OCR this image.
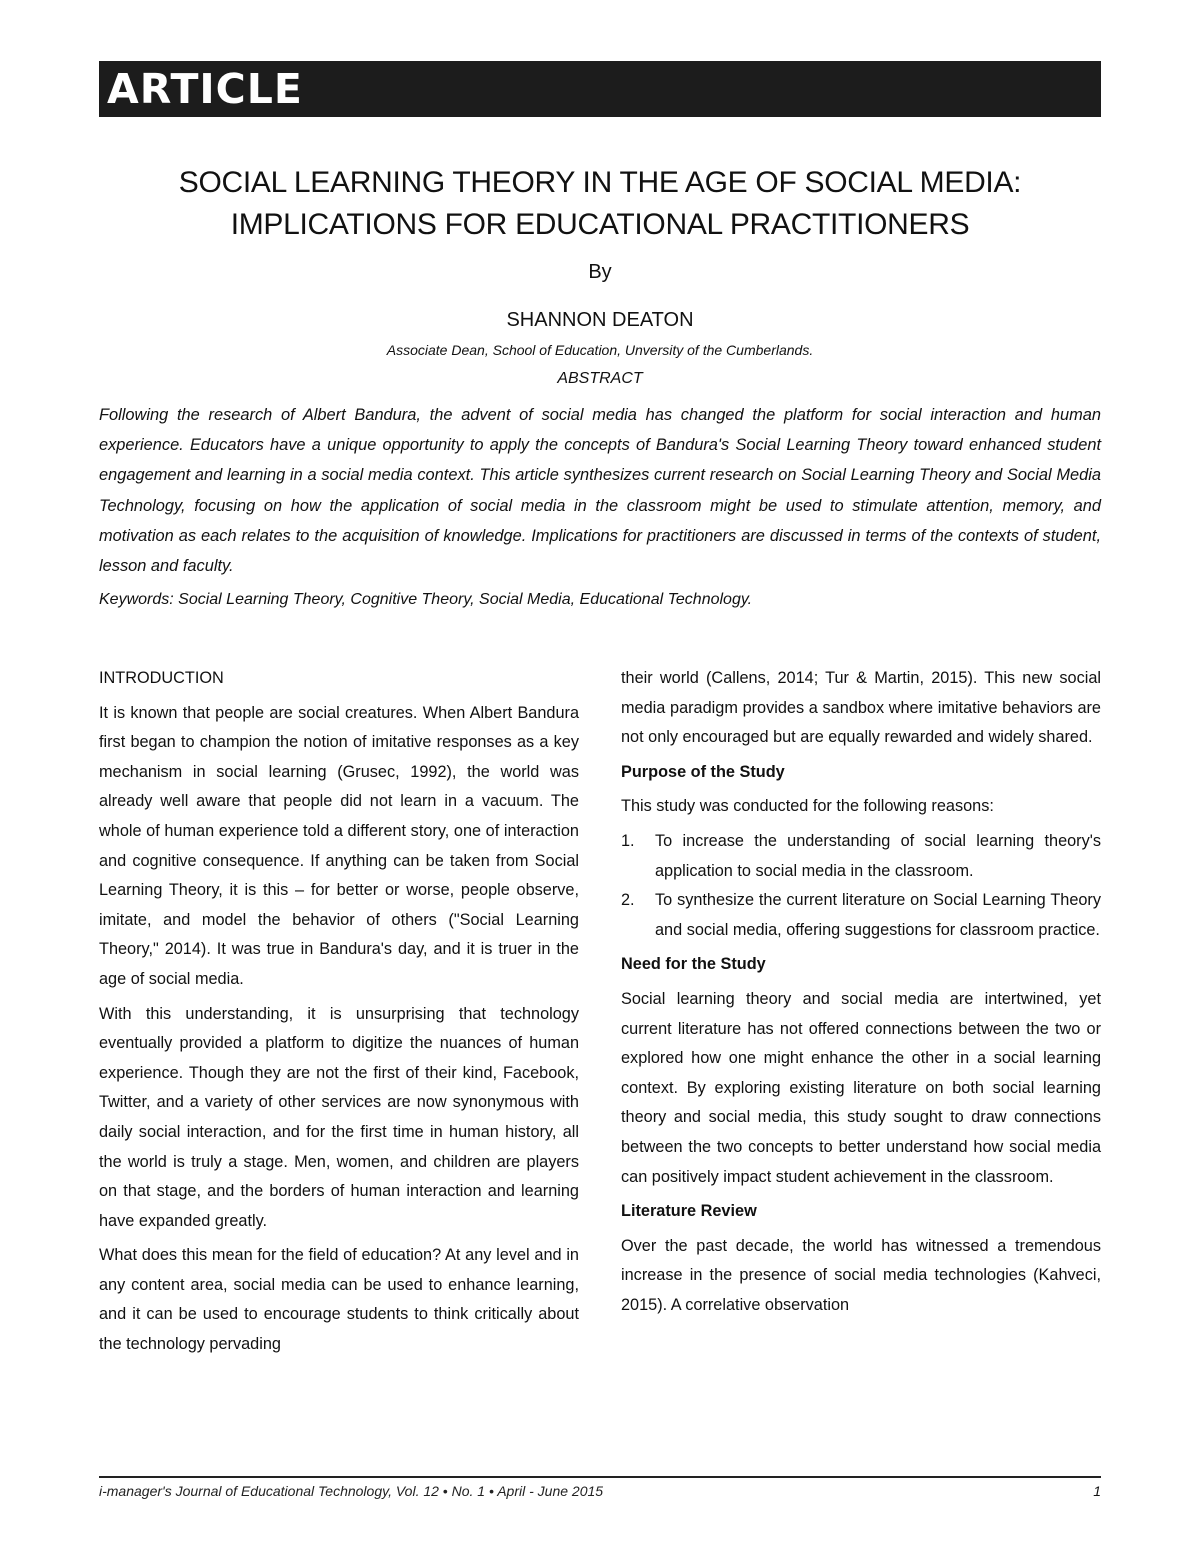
ARTICLE
SOCIAL LEARNING THEORY IN THE AGE OF SOCIAL MEDIA:
IMPLICATIONS FOR EDUCATIONAL PRACTITIONERS
By
SHANNON DEATON
Associate Dean, School of Education, Unversity of the Cumberlands.
ABSTRACT
Following the research of Albert Bandura, the advent of social media has changed the platform for social interaction and human experience. Educators have a unique opportunity to apply the concepts of Bandura's Social Learning Theory toward enhanced student engagement and learning in a social media context. This article synthesizes current research on Social Learning Theory and Social Media Technology, focusing on how the application of social media in the classroom might be used to stimulate attention, memory, and motivation as each relates to the acquisition of knowledge. Implications for practitioners are discussed in terms of the contexts of student, lesson and faculty.
Keywords: Social Learning Theory, Cognitive Theory, Social Media, Educational Technology.
INTRODUCTION

It is known that people are social creatures. When Albert Bandura first began to champion the notion of imitative responses as a key mechanism in social learning (Grusec, 1992), the world was already well aware that people did not learn in a vacuum. The whole of human experience told a different story, one of interaction and cognitive consequence. If anything can be taken from Social Learning Theory, it is this – for better or worse, people observe, imitate, and model the behavior of others ("Social Learning Theory," 2014). It was true in Bandura's day, and it is truer in the age of social media.

With this understanding, it is unsurprising that technology eventually provided a platform to digitize the nuances of human experience. Though they are not the first of their kind, Facebook, Twitter, and a variety of other services are now synonymous with daily social interaction, and for the first time in human history, all the world is truly a stage. Men, women, and children are players on that stage, and the borders of human interaction and learning have expanded greatly.

What does this mean for the field of education? At any level and in any content area, social media can be used to enhance learning, and it can be used to encourage students to think critically about the technology pervading

their world (Callens, 2014; Tur & Martin, 2015). This new social media paradigm provides a sandbox where imitative behaviors are not only encouraged but are equally rewarded and widely shared.

Purpose of the Study

This study was conducted for the following reasons:

1. To increase the understanding of social learning theory's application to social media in the classroom.
2. To synthesize the current literature on Social Learning Theory and social media, offering suggestions for classroom practice.
Need for the Study

Social learning theory and social media are intertwined, yet current literature has not offered connections between the two or explored how one might enhance the other in a social learning context. By exploring existing literature on both social learning theory and social media, this study sought to draw connections between the two concepts to better understand how social media can positively impact student achievement in the classroom.

Literature Review

Over the past decade, the world has witnessed a tremendous increase in the presence of social media technologies (Kahveci, 2015). A correlative observation

i-manager's Journal of Educational Technology, Vol. 12 • No. 1 • April - June 2015	1
